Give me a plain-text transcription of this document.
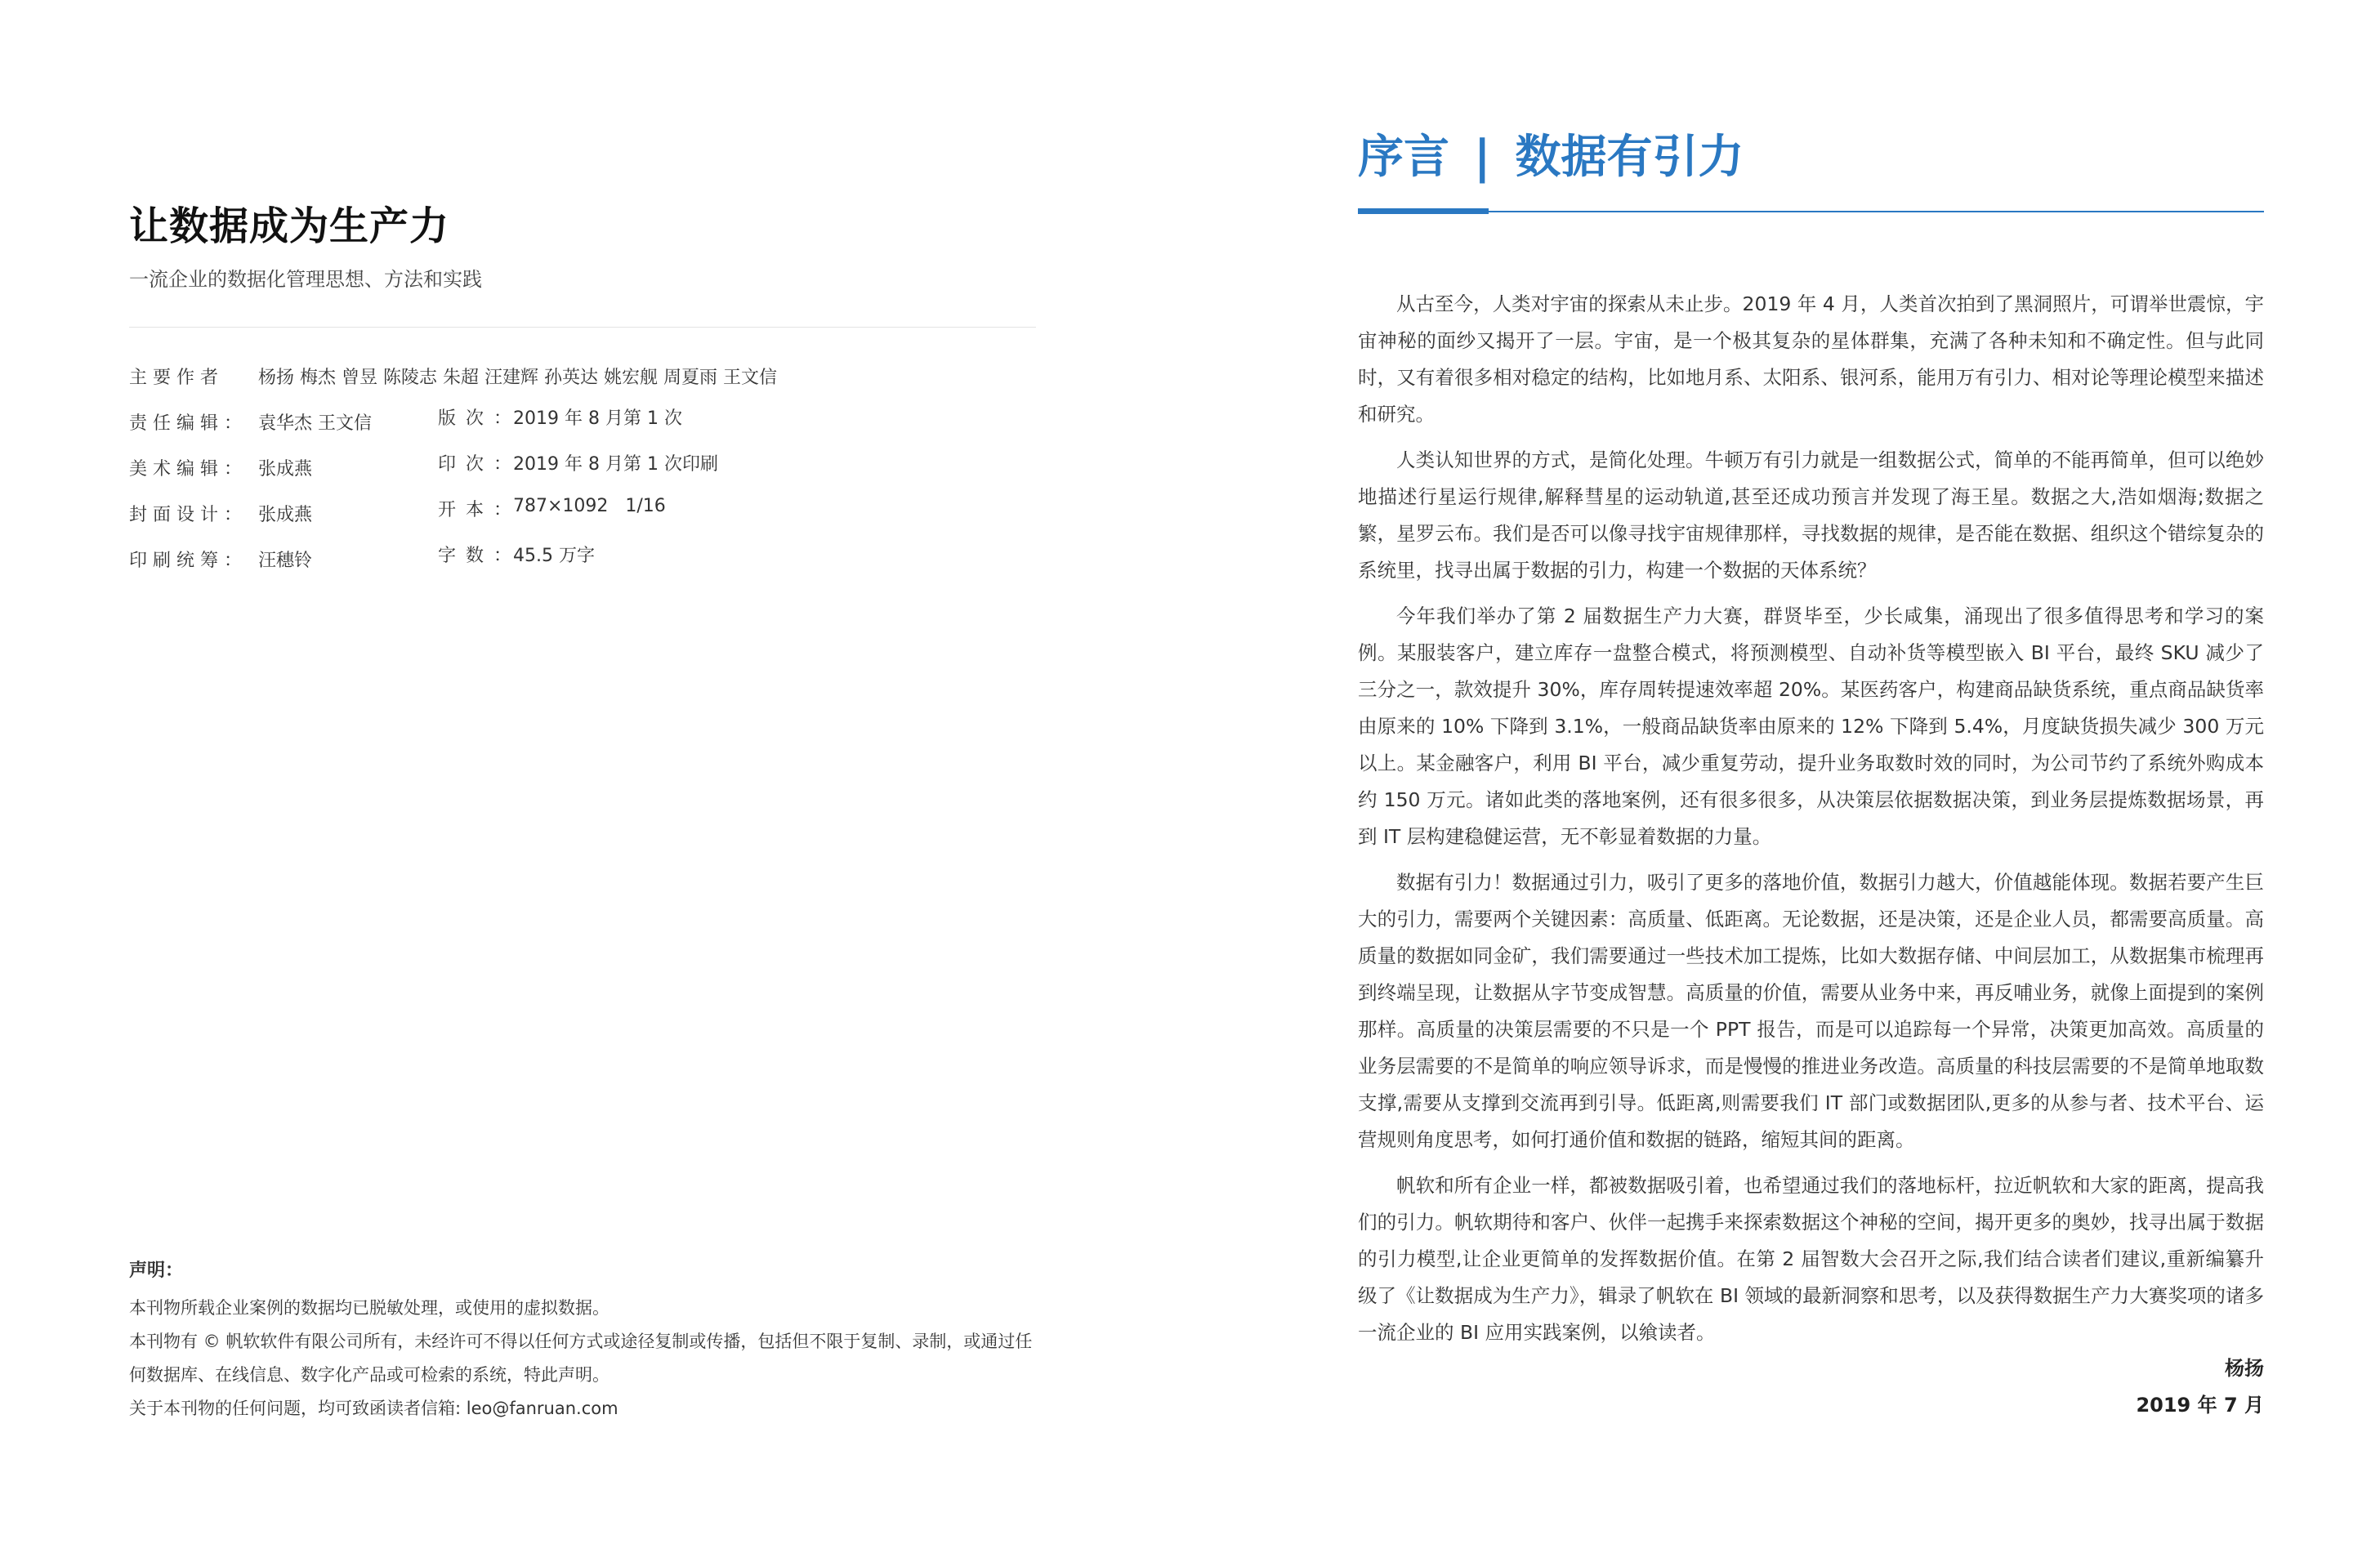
让数据成为生产力

一流企业的数据化管理思想、方法和实践

主要作者 杨扬 梅杰 曾昱 陈陵志 朱超 汪建辉 孙英达 姚宏舰 周夏雨 王文信
责任编辑： 袁华杰 王文信	版次：
2019 年 8 月第 1 次
美术编辑： 张成燕	印次：
2019 年 8 月第 1 次印刷
封面设计： 张成燕	开本：
787×1092   1/16
印刷统筹： 汪穗铃	字数：
45.5 万字
声明：

本刊物所载企业案例的数据均已脱敏处理，或使用的虚拟数据。

本刊物有 © 帆软软件有限公司所有，未经许可不得以任何方式或途径复制或传播，包括但不限于复制、录制，或通过任何数据库、在线信息、数字化产品或可检索的系统，特此声明。

关于本刊物的任何问题，均可致函读者信箱: leo@fanruan.com

序言 | 数据有引力

从古至今，人类对宇宙的探索从未止步。2019 年 4 月，人类首次拍到了黑洞照片，可谓举世震惊，宇宙神秘的面纱又揭开了一层。宇宙，是一个极其复杂的星体群集，充满了各种未知和不确定性。但与此同时，又有着很多相对稳定的结构，比如地月系、太阳系、银河系，能用万有引力、相对论等理论模型来描述和研究。

人类认知世界的方式，是简化处理。牛顿万有引力就是一组数据公式，简单的不能再简单，但可以绝妙地描述行星运行规律,解释彗星的运动轨道,甚至还成功预言并发现了海王星。数据之大,浩如烟海;数据之繁，星罗云布。我们是否可以像寻找宇宙规律那样，寻找数据的规律，是否能在数据、组织这个错综复杂的系统里，找寻出属于数据的引力，构建一个数据的天体系统？

今年我们举办了第 2 届数据生产力大赛，群贤毕至，少长咸集，涌现出了很多值得思考和学习的案例。某服装客户，建立库存一盘整合模式，将预测模型、自动补货等模型嵌入 BI 平台，最终 SKU 减少了三分之一，款效提升 30%，库存周转提速效率超 20%。某医药客户，构建商品缺货系统，重点商品缺货率由原来的 10% 下降到 3.1%，一般商品缺货率由原来的 12% 下降到 5.4%，月度缺货损失减少 300 万元以上。某金融客户，利用 BI 平台，减少重复劳动，提升业务取数时效的同时，为公司节约了系统外购成本约 150 万元。诸如此类的落地案例，还有很多很多，从决策层依据数据决策，到业务层提炼数据场景，再到 IT 层构建稳健运营，无不彰显着数据的力量。

数据有引力！数据通过引力，吸引了更多的落地价值，数据引力越大，价值越能体现。数据若要产生巨大的引力，需要两个关键因素：高质量、低距离。无论数据，还是决策，还是企业人员，都需要高质量。高质量的数据如同金矿，我们需要通过一些技术加工提炼，比如大数据存储、中间层加工，从数据集市梳理再到终端呈现，让数据从字节变成智慧。高质量的价值，需要从业务中来，再反哺业务，就像上面提到的案例那样。高质量的决策层需要的不只是一个 PPT 报告，而是可以追踪每一个异常，决策更加高效。高质量的业务层需要的不是简单的响应领导诉求，而是慢慢的推进业务改造。高质量的科技层需要的不是简单地取数支撑,需要从支撑到交流再到引导。低距离,则需要我们 IT 部门或数据团队,更多的从参与者、技术平台、运营规则角度思考，如何打通价值和数据的链路，缩短其间的距离。

帆软和所有企业一样，都被数据吸引着，也希望通过我们的落地标杆，拉近帆软和大家的距离，提高我们的引力。帆软期待和客户、伙伴一起携手来探索数据这个神秘的空间，揭开更多的奥妙，找寻出属于数据的引力模型,让企业更简单的发挥数据价值。在第 2 届智数大会召开之际,我们结合读者们建议,重新编纂升级了《让数据成为生产力》，辑录了帆软在 BI 领域的最新洞察和思考，以及获得数据生产力大赛奖项的诸多一流企业的 BI 应用实践案例，以飨读者。

杨扬
2019 年 7 月
